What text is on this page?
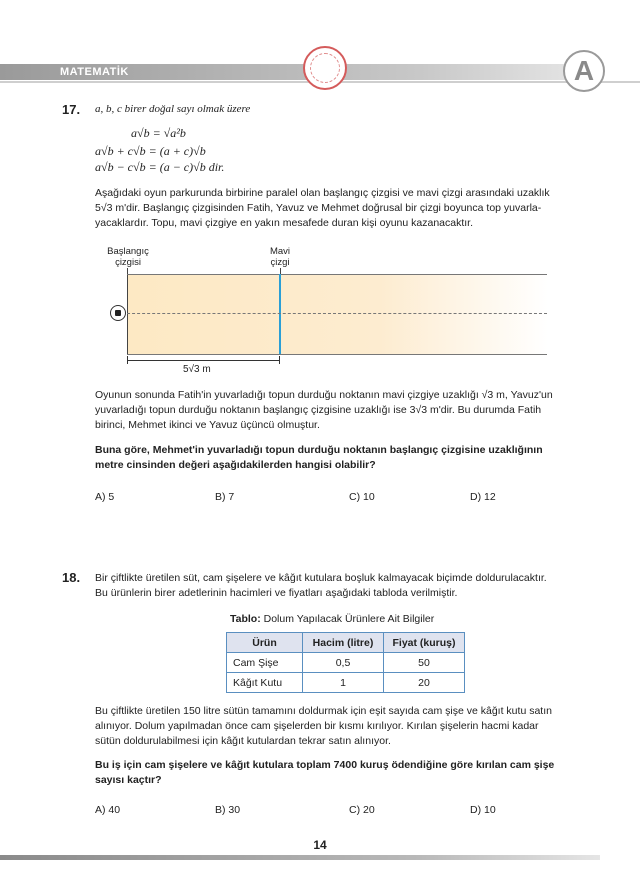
MATEMATİK	A
17. a, b, c birer doğal sayı olmak üzere
a√b = √a²b
a√b + c√b = (a + c)√b
a√b − c√b = (a − c)√b dir.
Aşağıdaki oyun parkurunda birbirine paralel olan başlangıç çizgisi ve mavi çizgi arasındaki uzaklık
5√3 m'dir. Başlangıç çizgisinden Fatih, Yavuz ve Mehmet doğrusal bir çizgi boyunca top yuvarla-
yacaklardır. Topu, mavi çizgiye en yakın mesafede duran kişi oyunu kazanacaktır.
Başlangıç
çizgisi
Mavi
çizgi
5√3 m
Oyunun sonunda Fatih'in yuvarladığı topun durduğu noktanın mavi çizgiye uzaklığı √3 m, Yavuz'un
yuvarladığı topun durduğu noktanın başlangıç çizgisine uzaklığı ise 3√3 m'dir. Bu durumda Fatih
birinci, Mehmet ikinci ve Yavuz üçüncü olmuştur.
Buna göre, Mehmet'in yuvarladığı topun durduğu noktanın başlangıç çizgisine uzaklığının
metre cinsinden değeri aşağıdakilerden hangisi olabilir?
A) 5	B) 7	C) 10	D) 12
18. Bir çiftlikte üretilen süt, cam şişelere ve kâğıt kutulara boşluk kalmayacak biçimde doldurulacaktır.
Bu ürünlerin birer adetlerinin hacimleri ve fiyatları aşağıdaki tabloda verilmiştir.
Tablo: Dolum Yapılacak Ürünlere Ait Bilgiler
Ürün	Hacim (litre)	Fiyat (kuruş)
Cam Şişe	0,5	50
Kâğıt Kutu	1	20
Bu çiftlikte üretilen 150 litre sütün tamamını doldurmak için eşit sayıda cam şişe ve kâğıt kutu satın
alınıyor. Dolum yapılmadan önce cam şişelerden bir kısmı kırılıyor. Kırılan şişelerin hacmi kadar
sütün doldurulabilmesi için kâğıt kutulardan tekrar satın alınıyor.
Bu iş için cam şişelere ve kâğıt kutulara toplam 7400 kuruş ödendiğine göre kırılan cam şişe
sayısı kaçtır?
A) 40	B) 30	C) 20	D) 10
14
